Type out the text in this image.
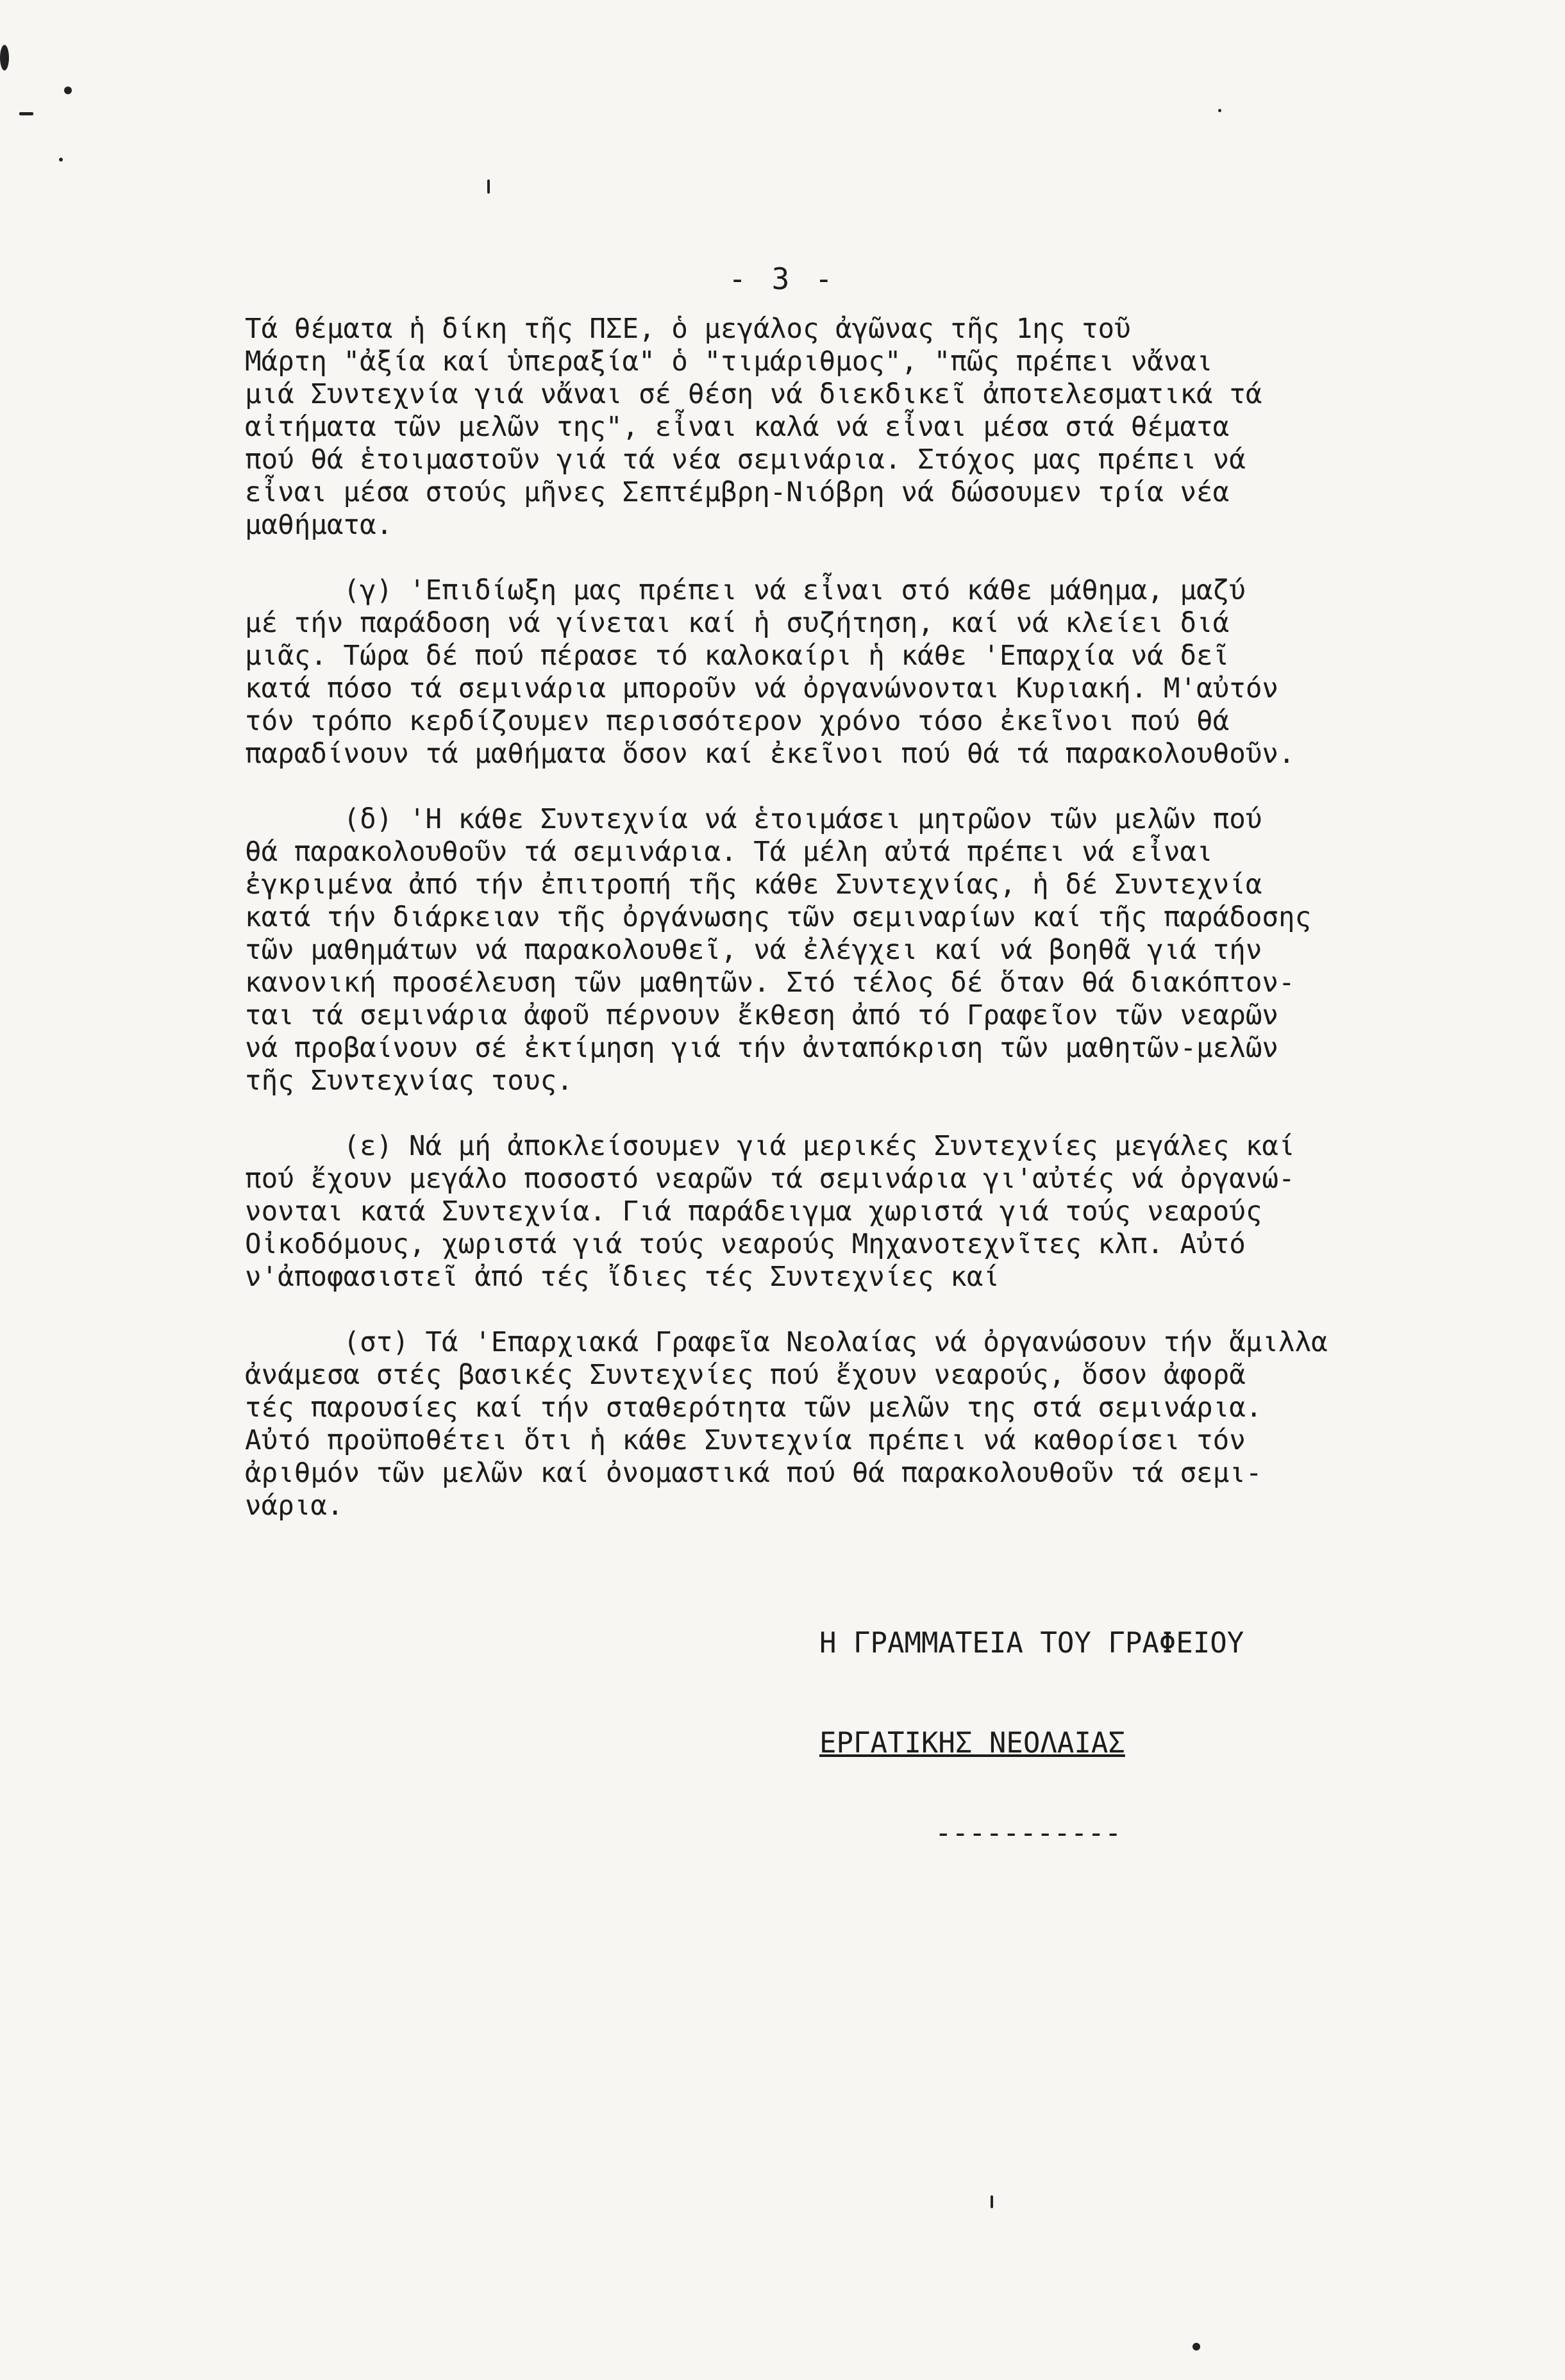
- 3 -

Τά θέματα ἡ δίκη τῆς ΠΣΕ, ὁ μεγάλος ἀγῶνας τῆς 1ης τοῦ
Μάρτη "ἀξία καί ὑπεραξία" ὁ "τιμάριθμος", "πῶς πρέπει νἄναι
μιά Συντεχνία γιά νἄναι σέ θέση νά διεκδικεῖ ἀποτελεσματικά τά
αἰτήματα τῶν μελῶν της", εἶναι καλά νά εἶναι μέσα στά θέματα
πού θά ἑτοιμαστοῦν γιά τά νέα σεμινάρια. Στόχος μας πρέπει νά
εἶναι μέσα στούς μῆνες Σεπτέμβρη-Νιόβρη νά δώσουμεν τρία νέα
μαθήματα.

(γ) 'Επιδίωξη μας πρέπει νά εἶναι στό κάθε μάθημα, μαζύ
μέ τήν παράδοση νά γίνεται καί ἡ συζήτηση, καί νά κλείει διά
μιᾶς. Τώρα δέ πού πέρασε τό καλοκαίρι ἡ κάθε 'Επαρχία νά δεῖ
κατά πόσο τά σεμινάρια μποροῦν νά ὀργανώνονται Κυριακή. Μ'αὐτόν
τόν τρόπο κερδίζουμεν περισσότερον χρόνο τόσο ἐκεῖνοι πού θά
παραδίνουν τά μαθήματα ὅσον καί ἐκεῖνοι πού θά τά παρακολουθοῦν.

(δ) 'Η κάθε Συντεχνία νά ἑτοιμάσει μητρῶον τῶν μελῶν πού
θά παρακολουθοῦν τά σεμινάρια. Τά μέλη αὐτά πρέπει νά εἶναι
ἐγκριμένα ἀπό τήν ἐπιτροπή τῆς κάθε Συντεχνίας, ἡ δέ Συντεχνία
κατά τήν διάρκειαν τῆς ὀργάνωσης τῶν σεμιναρίων καί τῆς παράδοσης
τῶν μαθημάτων νά παρακολουθεῖ, νά ἐλέγχει καί νά βοηθᾶ γιά τήν
κανονική προσέλευση τῶν μαθητῶν. Στό τέλος δέ ὅταν θά διακόπτον-
ται τά σεμινάρια ἀφοῦ πέρνουν ἔκθεση ἀπό τό Γραφεῖον τῶν νεαρῶν
νά προβαίνουν σέ ἐκτίμηση γιά τήν ἀνταπόκριση τῶν μαθητῶν-μελῶν
τῆς Συντεχνίας τους.

(ε) Νά μή ἀποκλείσουμεν γιά μερικές Συντεχνίες μεγάλες καί
πού ἔχουν μεγάλο ποσοστό νεαρῶν τά σεμινάρια γι'αὐτές νά ὀργανώ-
νονται κατά Συντεχνία. Γιά παράδειγμα χωριστά γιά τούς νεαρούς
Οἰκοδόμους, χωριστά γιά τούς νεαρούς Μηχανοτεχνῖτες κλπ. Αὐτό
ν'ἀποφασιστεῖ ἀπό τές ἴδιες τές Συντεχνίες καί

(στ) Τά 'Επαρχιακά Γραφεῖα Νεολαίας νά ὀργανώσουν τήν ἅμιλλα
ἀνάμεσα στές βασικές Συντεχνίες πού ἔχουν νεαρούς, ὅσον ἀφορᾶ
τές παρουσίες καί τήν σταθερότητα τῶν μελῶν της στά σεμινάρια.
Αὐτό προϋποθέτει ὅτι ἡ κάθε Συντεχνία πρέπει νά καθορίσει τόν
ἀριθμόν τῶν μελῶν καί ὀνομαστικά πού θά παρακολουθοῦν τά σεμι-
νάρια.

Η ΓΡΑΜΜΑΤΕΙΑ ΤΟΥ ΓΡΑΦΕΙΟΥ

ΕΡΓΑΤΙΚΗΣ ΝΕΟΛΑΙΑΣ

-----------
